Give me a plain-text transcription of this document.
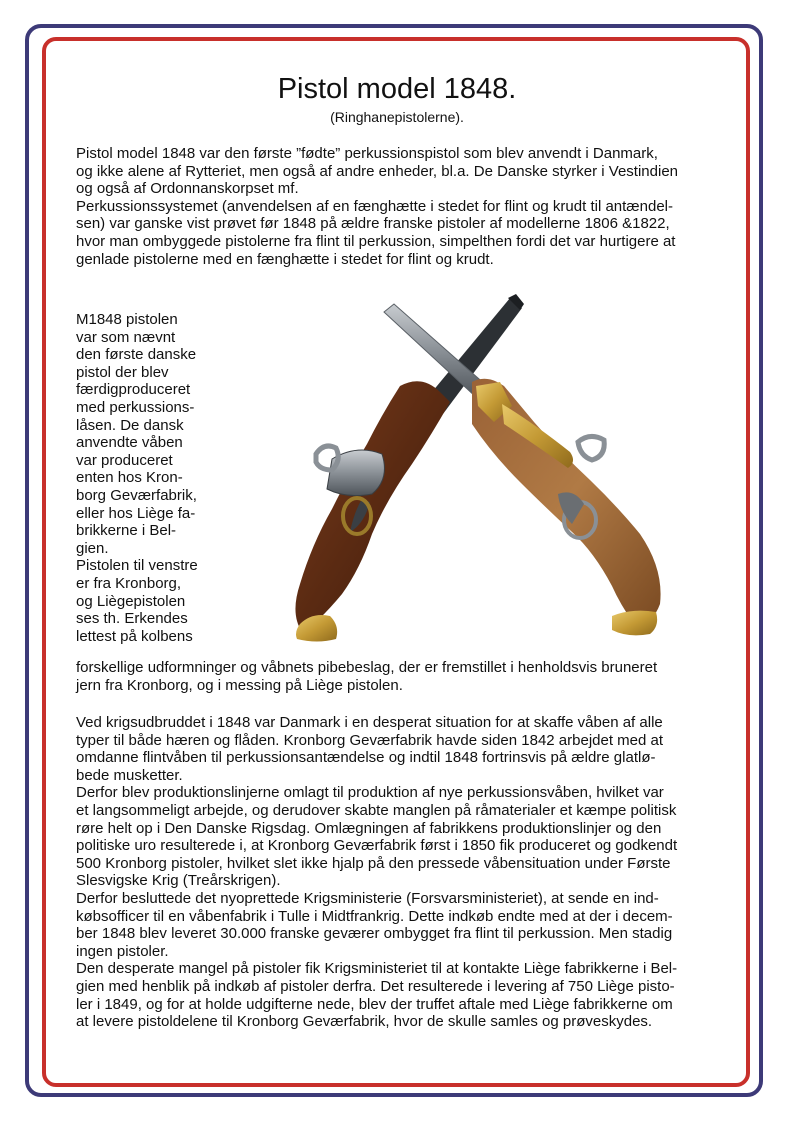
Pistol model 1848.
(Ringhanepistolerne).

Pistol model 1848 var den første ”fødte” perkussionspistol som blev anvendt i Danmark,
og ikke alene af Rytteriet, men også af andre enheder, bl.a. De Danske styrker i Vestindien
og også af Ordonnanskorpset mf.
Perkussionssystemet (anvendelsen af en fænghætte i stedet for flint og krudt til antændel-
sen) var ganske vist prøvet før 1848 på ældre franske pistoler af modellerne 1806 &1822,
hvor man ombyggede pistolerne fra flint til perkussion, simpelthen fordi det var hurtigere at
genlade pistolerne med en fænghætte i stedet for flint og krudt.

M1848 pistolen
var som nævnt
den første danske
pistol der blev
færdigproduceret
med perkussions-
låsen. De dansk
anvendte våben
var produceret
enten hos Kron-
borg Geværfabrik,
eller hos Liège fa-
brikkerne i Bel-
gien.
Pistolen til venstre
er fra Kronborg,
og Liègepistolen
ses th. Erkendes
lettest på kolbens

forskellige udformninger og våbnets pibebeslag, der er fremstillet i henholdsvis bruneret
jern fra Kronborg, og i messing på Liège pistolen.

Ved krigsudbruddet i 1848 var Danmark i en desperat situation for at skaffe våben af alle
typer til både hæren og flåden. Kronborg Geværfabrik havde siden 1842 arbejdet med at
omdanne flintvåben til perkussionsantændelse og indtil 1848 fortrinsvis på ældre glatlø-
bede musketter.
Derfor blev produktionslinjerne omlagt til produktion af nye perkussionsvåben, hvilket var
et langsommeligt arbejde, og derudover skabte manglen på råmaterialer et kæmpe politisk
røre helt op i Den Danske Rigsdag. Omlægningen af fabrikkens produktionslinjer og den
politiske uro resulterede i, at Kronborg Geværfabrik først i 1850 fik produceret og godkendt
500 Kronborg pistoler, hvilket slet ikke hjalp på den pressede våbensituation under Første
Slesvigske Krig (Treårskrigen).
Derfor besluttede det nyoprettede Krigsministerie (Forsvarsministeriet), at sende en ind-
købsofficer til en våbenfabrik i Tulle i Midtfrankrig. Dette indkøb endte med at der i decem-
ber 1848 blev leveret 30.000 franske geværer ombygget fra flint til perkussion. Men stadig
ingen pistoler.
Den desperate mangel på pistoler fik Krigsministeriet til at kontakte Liège fabrikkerne i Bel-
gien med henblik på indkøb af pistoler derfra. Det resulterede i levering af 750 Liège pisto-
ler i 1849, og for at holde udgifterne nede, blev der truffet aftale med Liège fabrikkerne om
at levere pistoldelene til Kronborg Geværfabrik, hvor de skulle samles og prøveskydes.
